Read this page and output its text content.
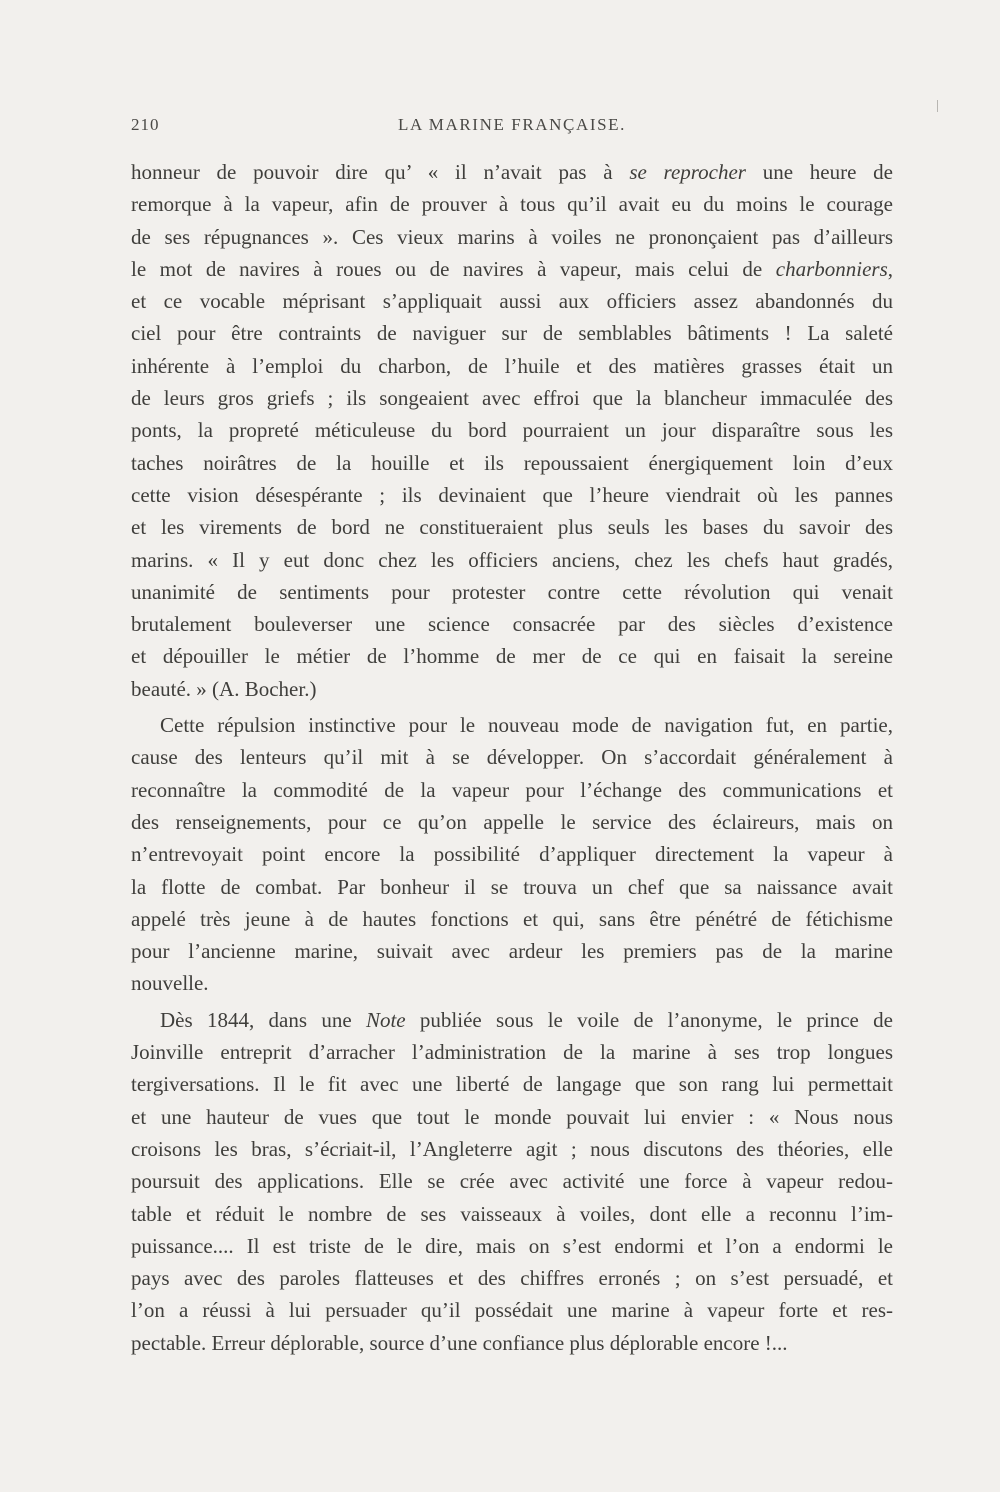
210	LA MARINE FRANÇAISE.

honneur de pouvoir dire qu’ « il n’avait pas à se reprocher une heure de

remorque à la vapeur, afin de prouver à tous qu’il avait eu du moins le courage

de ses répugnances ». Ces vieux marins à voiles ne prononçaient pas d’ailleurs

le mot de navires à roues ou de navires à vapeur, mais celui de charbonniers,

et ce vocable méprisant s’appliquait aussi aux officiers assez abandonnés du

ciel pour être contraints de naviguer sur de semblables bâtiments ! La saleté

inhérente à l’emploi du charbon, de l’huile et des matières grasses était un

de leurs gros griefs ; ils songeaient avec effroi que la blancheur immaculée des

ponts, la propreté méticuleuse du bord pourraient un jour disparaître sous les

taches noirâtres de la houille et ils repoussaient énergiquement loin d’eux

cette vision désespérante ; ils devinaient que l’heure viendrait où les pannes

et les virements de bord ne constitueraient plus seuls les bases du savoir des

marins. « Il y eut donc chez les officiers anciens, chez les chefs haut gradés,

unanimité de sentiments pour protester contre cette révolution qui venait

brutalement bouleverser une science consacrée par des siècles d’existence

et dépouiller le métier de l’homme de mer de ce qui en faisait la sereine

beauté. » (A. Bocher.)

Cette répulsion instinctive pour le nouveau mode de navigation fut, en partie,

cause des lenteurs qu’il mit à se développer. On s’accordait généralement à

reconnaître la commodité de la vapeur pour l’échange des communications et

des renseignements, pour ce qu’on appelle le service des éclaireurs, mais on

n’entrevoyait point encore la possibilité d’appliquer directement la vapeur à

la flotte de combat. Par bonheur il se trouva un chef que sa naissance avait

appelé très jeune à de hautes fonctions et qui, sans être pénétré de fétichisme

pour l’ancienne marine, suivait avec ardeur les premiers pas de la marine

nouvelle.

Dès 1844, dans une Note publiée sous le voile de l’anonyme, le prince de

Joinville entreprit d’arracher l’administration de la marine à ses trop longues

tergiversations. Il le fit avec une liberté de langage que son rang lui permettait

et une hauteur de vues que tout le monde pouvait lui envier : « Nous nous

croisons les bras, s’écriait-il, l’Angleterre agit ; nous discutons des théories, elle

poursuit des applications. Elle se crée avec activité une force à vapeur redou-

table et réduit le nombre de ses vaisseaux à voiles, dont elle a reconnu l’im-

puissance.... Il est triste de le dire, mais on s’est endormi et l’on a endormi le

pays avec des paroles flatteuses et des chiffres erronés ; on s’est persuadé, et

l’on a réussi à lui persuader qu’il possédait une marine à vapeur forte et res-

pectable. Erreur déplorable, source d’une confiance plus déplorable encore !...
